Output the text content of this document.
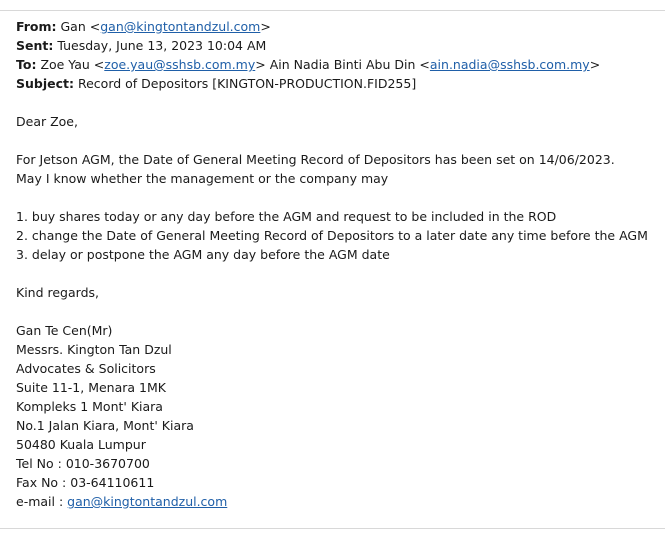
From: Gan <gan@kingtontandzul.com>
Sent: Tuesday, June 13, 2023 10:04 AM
To: Zoe Yau <zoe.yau@sshsb.com.my> Ain Nadia Binti Abu Din <ain.nadia@sshsb.com.my>
Subject: Record of Depositors [KINGTON-PRODUCTION.FID255]
Dear Zoe,
For Jetson AGM, the Date of General Meeting Record of Depositors has been set on 14/06/2023.
May I know whether the management or the company may
1. buy shares today or any day before the AGM and request to be included in the ROD
2. change the Date of General Meeting Record of Depositors to a later date any time before the AGM
3. delay or postpone the AGM any day before the AGM date
Kind regards,
Gan Te Cen(Mr)
Messrs. Kington Tan Dzul
Advocates & Solicitors
Suite 11-1, Menara 1MK
Kompleks 1 Mont' Kiara
No.1 Jalan Kiara, Mont' Kiara
50480 Kuala Lumpur
Tel No : 010-3670700
Fax No : 03-64110611
e-mail : gan@kingtontandzul.com
